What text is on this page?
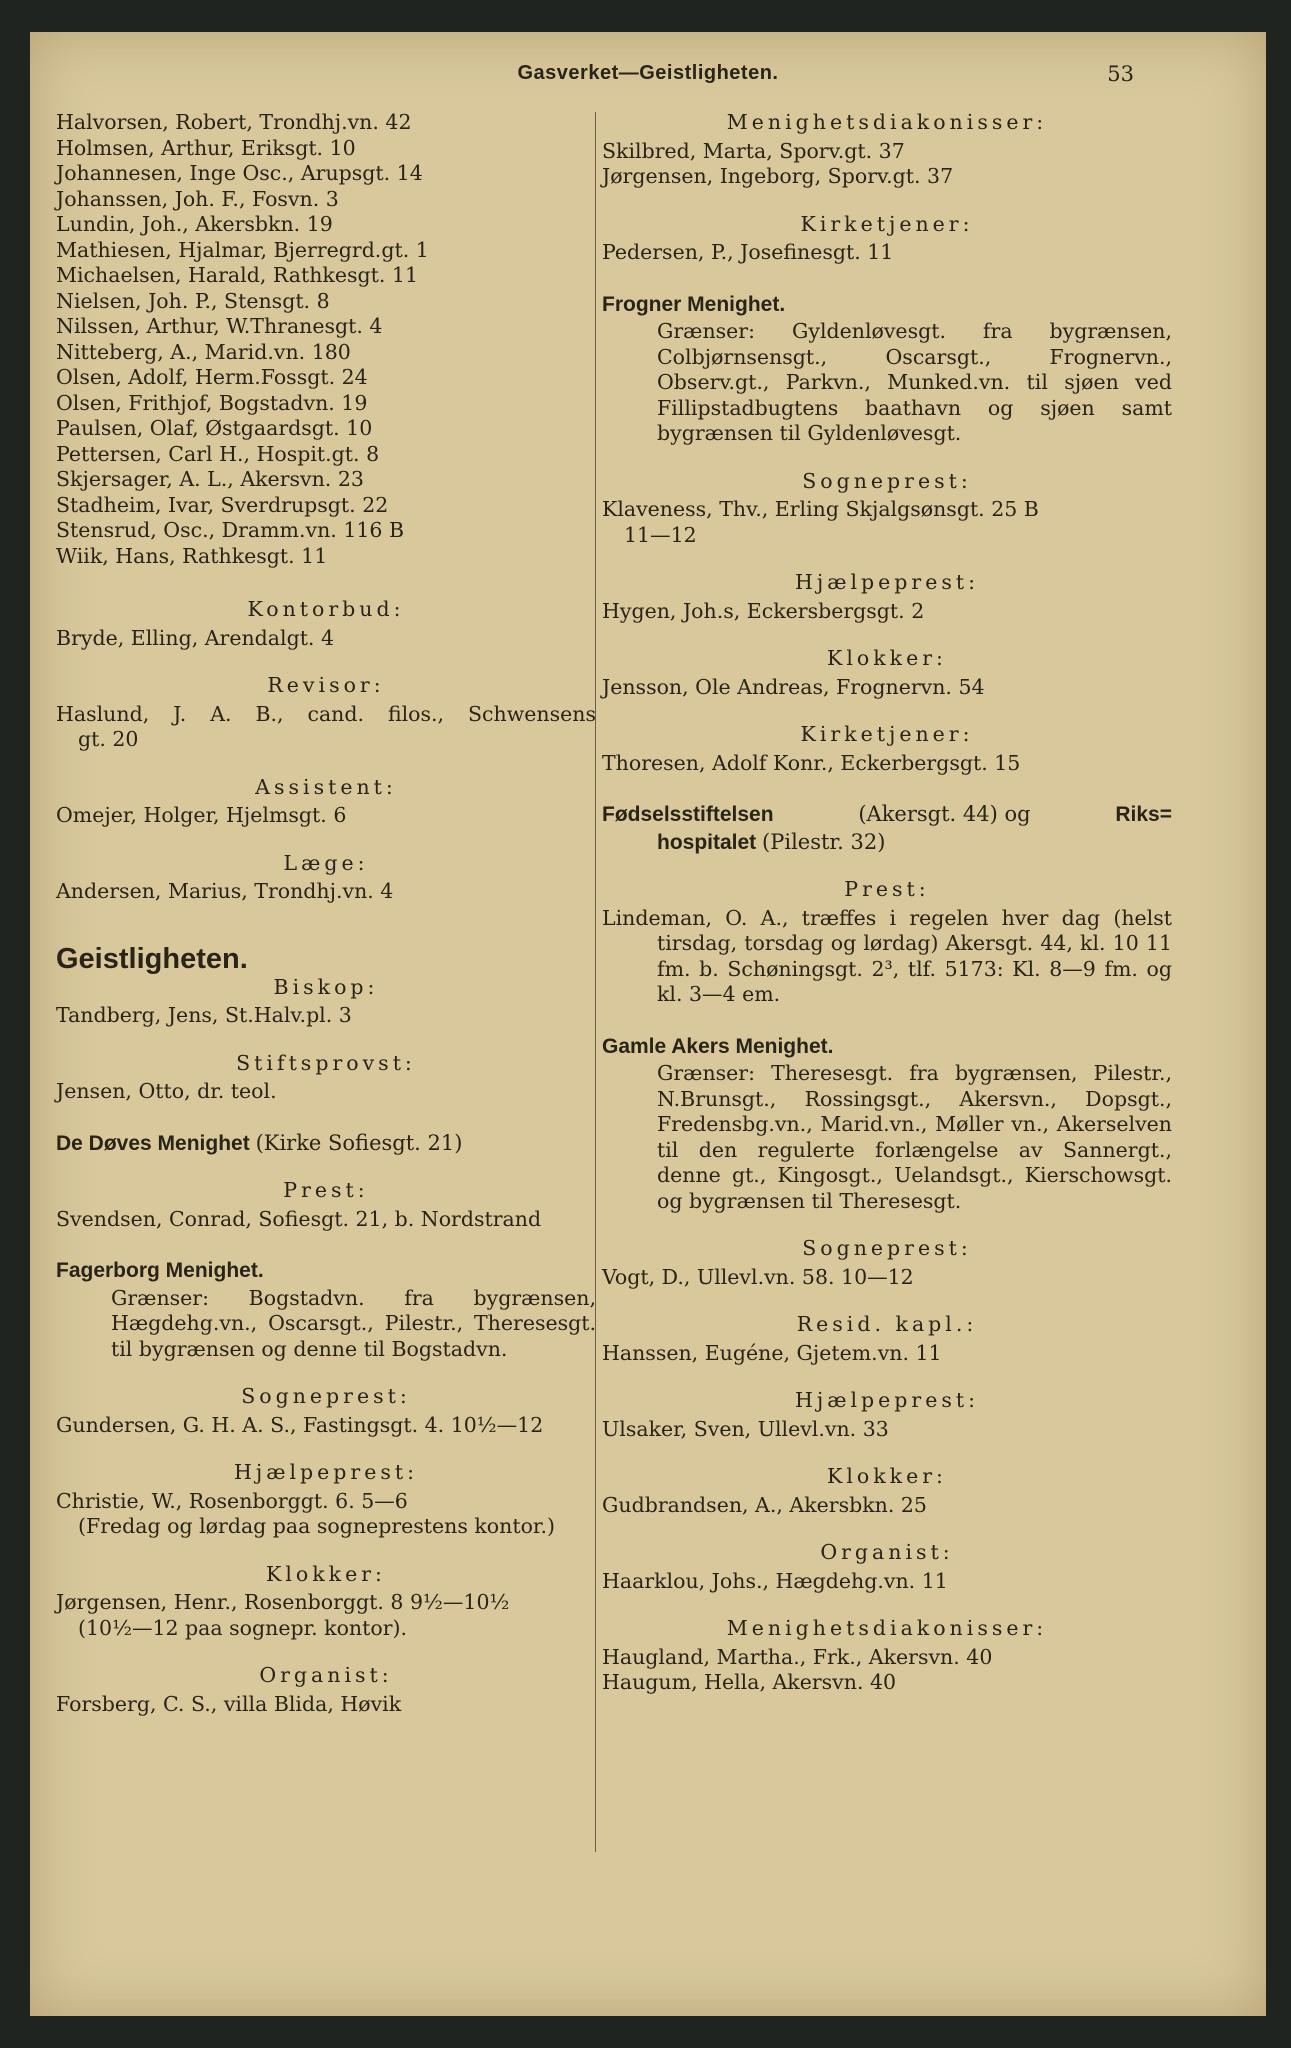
Gasverket—Geistligheten.	53

Halvorsen, Robert, Trondhj.vn. 42

Holmsen, Arthur, Eriksgt. 10

Johannesen, Inge Osc., Arupsgt. 14

Johanssen, Joh. F., Fosvn. 3

Lundin, Joh., Akersbkn. 19

Mathiesen, Hjalmar, Bjerregrd.gt. 1

Michaelsen, Harald, Rathkesgt. 11

Nielsen, Joh. P., Stensgt. 8

Nilssen, Arthur, W.Thranesgt. 4

Nitteberg, A., Marid.vn. 180

Olsen, Adolf, Herm.Fossgt. 24

Olsen, Frithjof, Bogstadvn. 19

Paulsen, Olaf, Østgaardsgt. 10

Pettersen, Carl H., Hospit.gt. 8

Skjersager, A. L., Akersvn. 23

Stadheim, Ivar, Sverdrupsgt. 22

Stensrud, Osc., Dramm.vn. 116 B

Wiik, Hans, Rathkesgt. 11

Kontorbud:

Bryde, Elling, Arendalgt. 4

Revisor:

Haslund, J. A. B., cand. filos., Schwensens

gt. 20

Assistent:

Omejer, Holger, Hjelmsgt. 6

Læge:

Andersen, Marius, Trondhj.vn. 4

Geistligheten.

Biskop:

Tandberg, Jens, St.Halv.pl. 3

Stiftsprovst:

Jensen, Otto, dr. teol.

De Døves Menighet (Kirke Sofiesgt. 21)

Prest:

Svendsen, Conrad, Sofiesgt. 21, b. Nordstrand

Fagerborg Menighet.

Grænser: Bogstadvn. fra bygrænsen, Hægdehg.vn., Oscarsgt., Pilestr., Theresesgt. til bygrænsen og denne til Bogstadvn.

Sogneprest:

Gundersen, G. H. A. S., Fastingsgt. 4. 10½—12

Hjælpeprest:

Christie, W., Rosenborggt. 6. 5—6

(Fredag og lørdag paa sogneprestens kontor.)

Klokker:

Jørgensen, Henr., Rosenborggt. 8 9½—10½

(10½—12 paa sognepr. kontor).

Organist:

Forsberg, C. S., villa Blida, Høvik

Menighetsdiakonisser:

Skilbred, Marta, Sporv.gt. 37

Jørgensen, Ingeborg, Sporv.gt. 37

Kirketjener:

Pedersen, P., Josefinesgt. 11

Frogner Menighet.

Grænser: Gyldenløvesgt. fra bygrænsen, Colbjørnsensgt., Oscarsgt., Frognervn., Observ.gt., Parkvn., Munked.vn. til sjøen ved Fillipstadbugtens baathavn og sjøen samt bygrænsen til Gyldenløvesgt.

Sogneprest:

Klaveness, Thv., Erling Skjalgsønsgt. 25 B

11—12

Hjælpeprest:

Hygen, Joh.s, Eckersbergsgt. 2

Klokker:

Jensson, Ole Andreas, Frognervn. 54

Kirketjener:

Thoresen, Adolf Konr., Eckerbergsgt. 15

Fødselsstiftelsen	(Akersgt. 44) og	Riks=

hospitalet (Pilestr. 32)

Prest:

Lindeman, O. A., træffes i regelen hver dag (helst tirsdag, torsdag og lørdag) Akersgt. 44, kl. 10 11 fm. b. Schøningsgt. 2³, tlf. 5173: Kl. 8—9 fm. og kl. 3—4 em.

Gamle Akers Menighet.

Grænser: Theresesgt. fra bygrænsen, Pilestr., N.Brunsgt., Rossingsgt., Akersvn., Dopsgt., Fredensbg.vn., Marid.vn., Møller vn., Akerselven til den regulerte forlængelse av Sannergt., denne gt., Kingosgt., Uelandsgt., Kierschowsgt. og bygrænsen til Theresesgt.

Sogneprest:

Vogt, D., Ullevl.vn. 58. 10—12

Resid. kapl.:

Hanssen, Eugéne, Gjetem.vn. 11

Hjælpeprest:

Ulsaker, Sven, Ullevl.vn. 33

Klokker:

Gudbrandsen, A., Akersbkn. 25

Organist:

Haarklou, Johs., Hægdehg.vn. 11

Menighetsdiakonisser:

Haugland, Martha., Frk., Akersvn. 40

Haugum, Hella, Akersvn. 40
